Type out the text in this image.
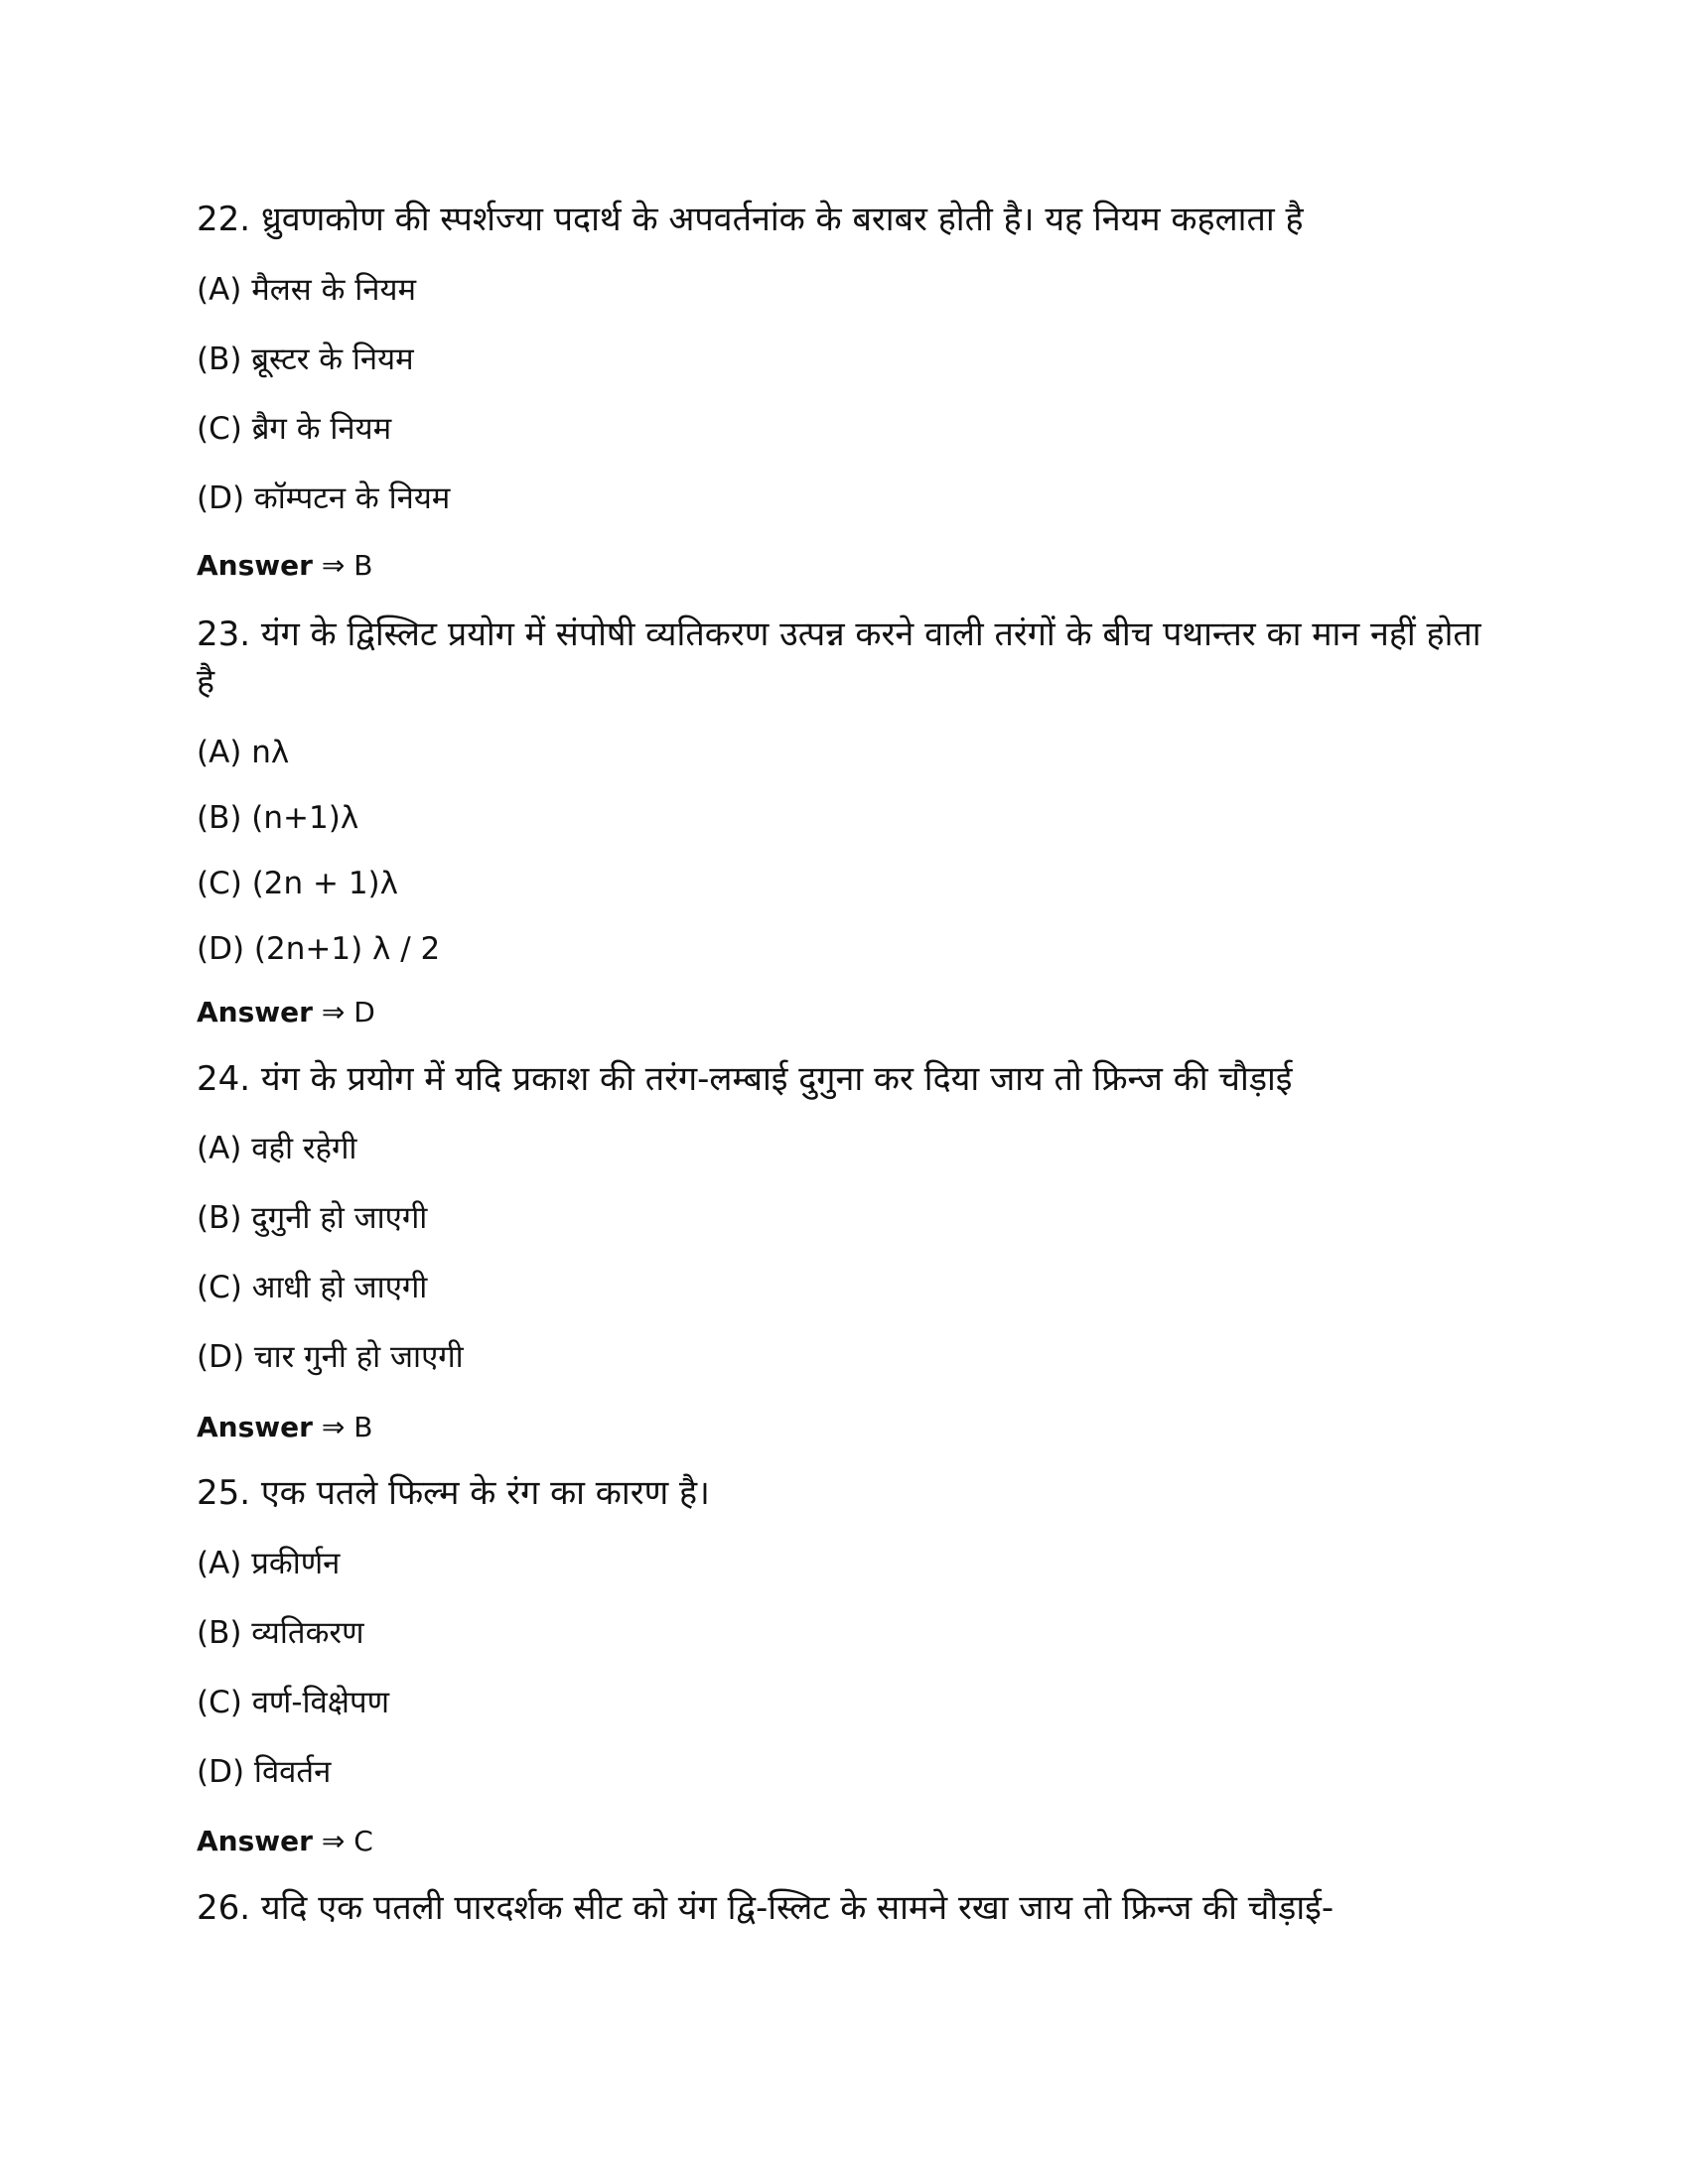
22. ध्रुवणकोण की स्पर्शज्या पदार्थ के अपवर्तनांक के बराबर होती है। यह नियम कहलाता है
(A) मैलस के नियम
(B) ब्रूस्टर के नियम
(C) ब्रैग के नियम
(D) कॉम्पटन के नियम
Answer ⇒ B
23. यंग के द्विस्लिट प्रयोग में संपोषी व्यतिकरण उत्पन्न करने वाली तरंगों के बीच पथान्तर का मान नहीं होता है
(A) nλ
(B) (n+1)λ
(C) (2n + 1)λ
(D) (2n+1) λ / 2
Answer ⇒ D
24. यंग के प्रयोग में यदि प्रकाश की तरंग-लम्बाई दुगुना कर दिया जाय तो फ्रिन्ज की चौड़ाई
(A) वही रहेगी
(B) दुगुनी हो जाएगी
(C) आधी हो जाएगी
(D) चार गुनी हो जाएगी
Answer ⇒ B
25. एक पतले फिल्म के रंग का कारण है।
(A) प्रकीर्णन
(B) व्यतिकरण
(C) वर्ण-विक्षेपण
(D) विवर्तन
Answer ⇒ C
26. यदि एक पतली पारदर्शक सीट को यंग द्वि-स्लिट के सामने रखा जाय तो फ्रिन्ज की चौड़ाई-
